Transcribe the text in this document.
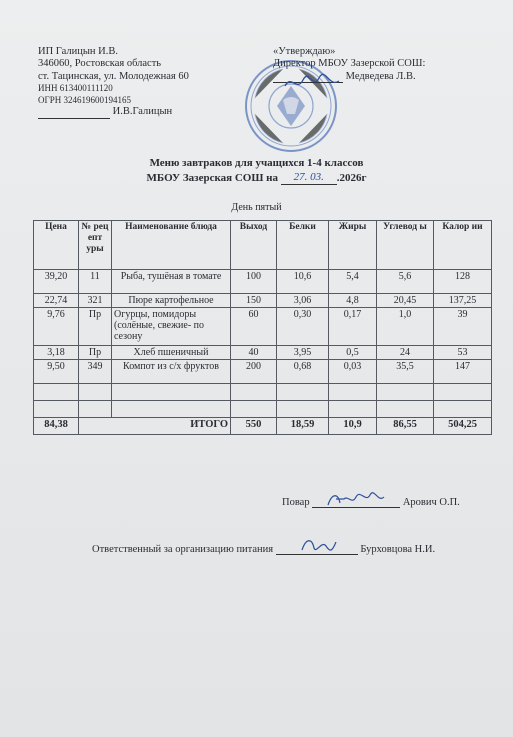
ИП Галицын И.В.
346060, Ростовская область
ст. Тацинская, ул. Молодежная 60
ИНН 613400111120
ОГРН 324619600194165
И.В.Галицын
«Утверждаю»
Директор МБОУ Зазерской СОШ:
Медведева Л.В.
Меню завтраков для учащихся 1-4 классов
МБОУ Зазерская СОШ на 27. 03. .2026г
День пятый
Цена	№ рец епт уры	Наименование блюда	Выход	Белки	Жиры	Углевод ы	Калор ии
39,20	11	Рыба, тушёная в томате	100	10,6	5,4	5,6	128
22,74	321	Пюре картофельное	150	3,06	4,8	20,45	137,25
9,76	Пр	Огурцы, помидоры (солёные, свежие- по сезону	60	0,30	0,17	1,0	39
3,18	Пр	Хлеб пшеничный	40	3,95	0,5	24	53
9,50	349	Компот из с/х фруктов	200	0,68	0,03	35,5	147

84,38	ИТОГО		550	18,59	10,9	86,55	504,25
Повар	Арович О.П.
Ответственный за организацию питания	Бурховцова Н.И.
